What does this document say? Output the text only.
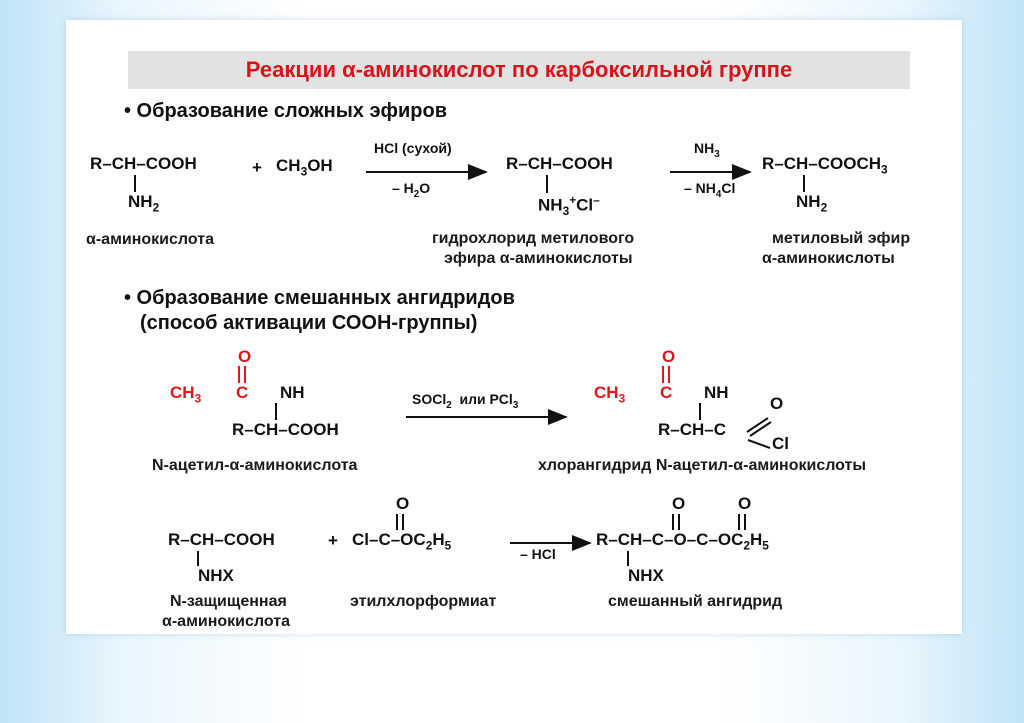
Реакции α-аминокислот по карбоксильной группе
• Образование сложных эфиров
R–CH–COOH
$NH_2$
+ $CH_3OH$
HCl (сухой)
– $H_2O$
R–CH–COOH
$NH_3^+Cl^-$
$NH_3$
– $NH_4Cl$
$R-CH-COOCH_3$
$NH_2$
α-аминокислота	гидрохлорид метилового
эфира α-аминокислоты
метиловый эфир
α-аминокислоты
• Образование смешанных ангидридов
(способ активации СООН-группы)
O
$CH_3$ C NH
R–CH–COOH
SOCl$_2$ или PCl$_3$
O
$CH_3$ C NH
R–CH–C
O
Cl
N-ацетил-α-аминокислота	хлорангидрид N-ацетил-α-аминокислоты
R–CH–COOH
NHX
+
O
$Cl-C-OC_2H_5$
– HCl
O	O
$R-CH-C-O-C-OC_2H_5$
NHX
N-защищенная
α-аминокислота
этилхлорформиат	смешанный ангидрид
